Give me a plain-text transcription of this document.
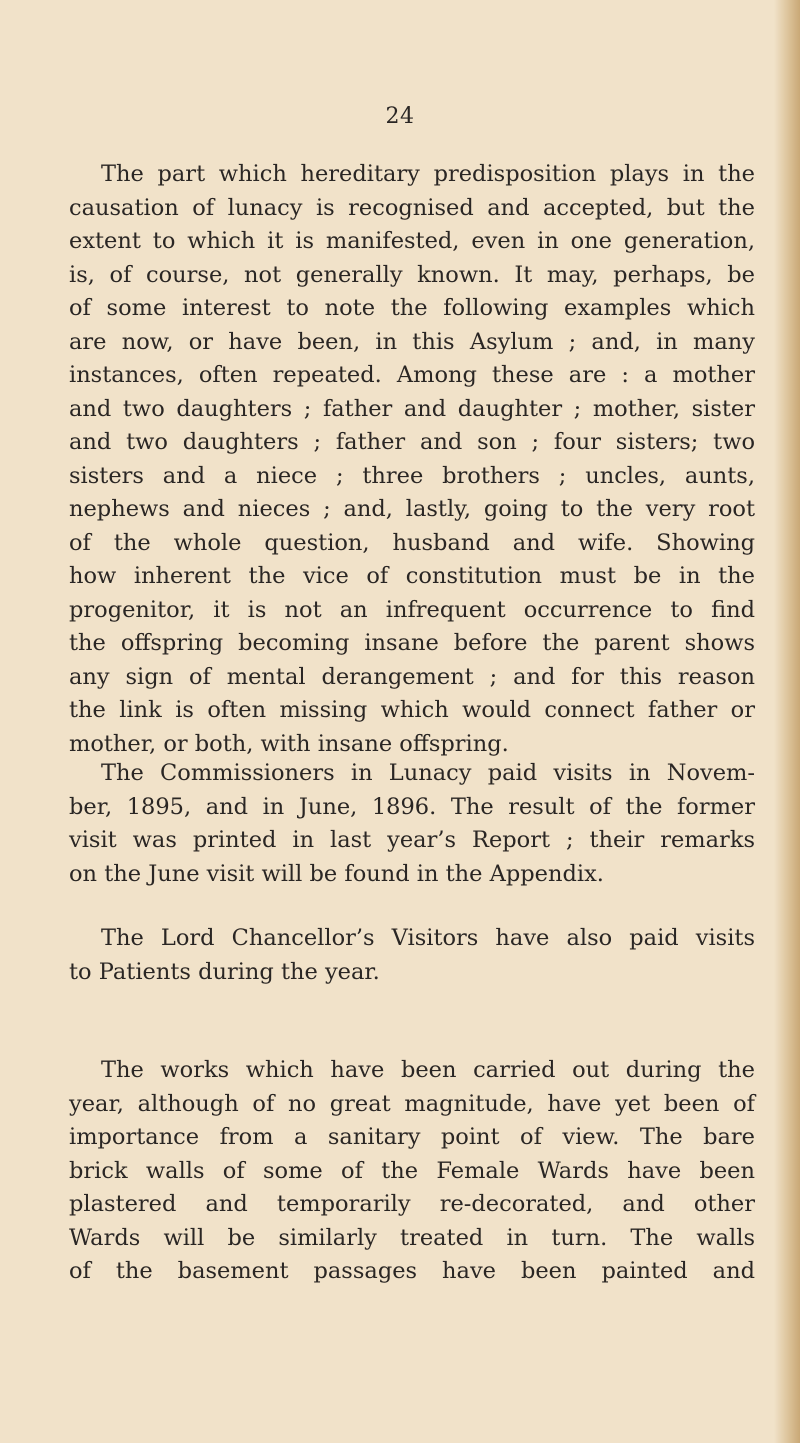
24
The part which hereditary predisposition plays in the
causation of lunacy is recognised and accepted, but the
extent to which it is manifested, even in one generation,
is, of course, not generally known. It may, perhaps, be
of some interest to note the following examples which
are now, or have been, in this Asylum ; and, in many
instances, often repeated. Among these are : a mother
and two daughters ; father and daughter ; mother, sister
and two daughters ; father and son ; four sisters; two
sisters and a niece ; three brothers ; uncles, aunts,
nephews and nieces ; and, lastly, going to the very root
of the whole question, husband and wife. Showing
how inherent the vice of constitution must be in the
progenitor, it is not an infrequent occurrence to find
the offspring becoming insane before the parent shows
any sign of mental derangement ; and for this reason
the link is often missing which would connect father or
mother, or both, with insane offspring.
The Commissioners in Lunacy paid visits in Novem-
ber, 1895, and in June, 1896. The result of the former
visit was printed in last year’s Report ; their remarks
on the June visit will be found in the Appendix.
The Lord Chancellor’s Visitors have also paid visits
to Patients during the year.
The works which have been carried out during the
year, although of no great magnitude, have yet been of
importance from a sanitary point of view. The bare
brick walls of some of the Female Wards have been
plastered and temporarily re-decorated, and other
Wards will be similarly treated in turn. The walls
of the basement passages have been painted and
